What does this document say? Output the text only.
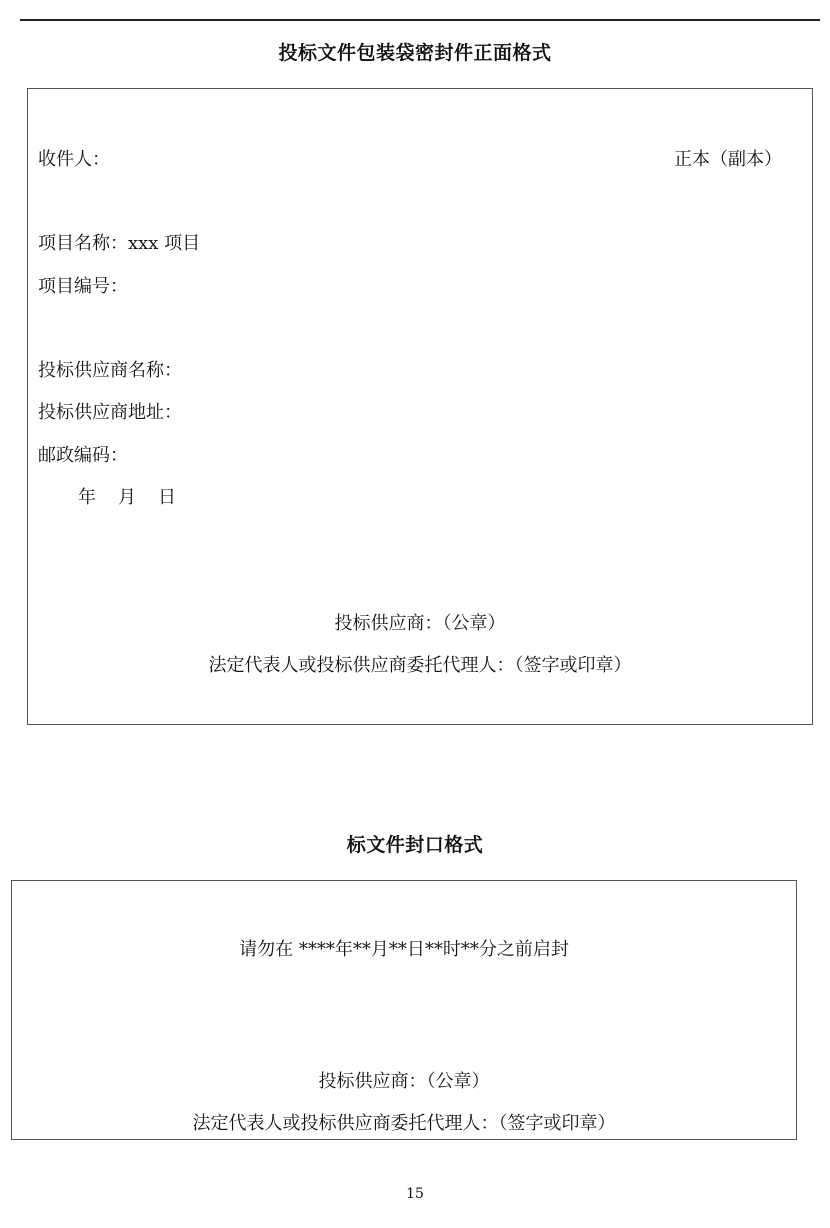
投标文件包装袋密封件正面格式
收件人：	正本（副本）
项目名称：xxx 项目
项目编号：
投标供应商名称：
投标供应商地址：
邮政编码：
年　月　日
投标供应商：（公章）
法定代表人或投标供应商委托代理人：（签字或印章）
标文件封口格式
请勿在 ****年**月**日**时**分之前启封
投标供应商：（公章）
法定代表人或投标供应商委托代理人：（签字或印章）
15
